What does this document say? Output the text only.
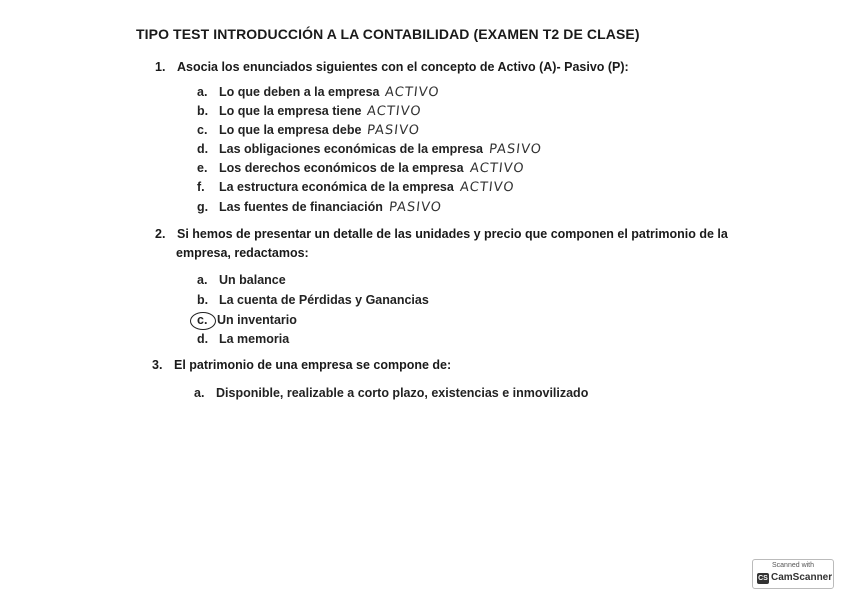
TIPO TEST INTRODUCCIÓN A LA CONTABILIDAD (EXAMEN T2 DE CLASE)
1. Asocia los enunciados siguientes con el concepto de Activo (A)- Pasivo (P):
a. Lo que deben a la empresa ACTIVO
b. Lo que la empresa tiene ACTIVO
c. Lo que la empresa debe PASIVO
d. Las obligaciones económicas de la empresa PASIVO
e. Los derechos económicos de la empresa ACTIVO
f. La estructura económica de la empresa ACTIVO
g. Las fuentes de financiación PASIVO
2. Si hemos de presentar un detalle de las unidades y precio que componen el patrimonio de la
empresa, redactamos:
a. Un balance
b. La cuenta de Pérdidas y Ganancias
c. Un inventario
d. La memoria
3. El patrimonio de una empresa se compone de:
a. Disponible, realizable a corto plazo, existencias e inmovilizado
Scanned with
CS CamScanner
